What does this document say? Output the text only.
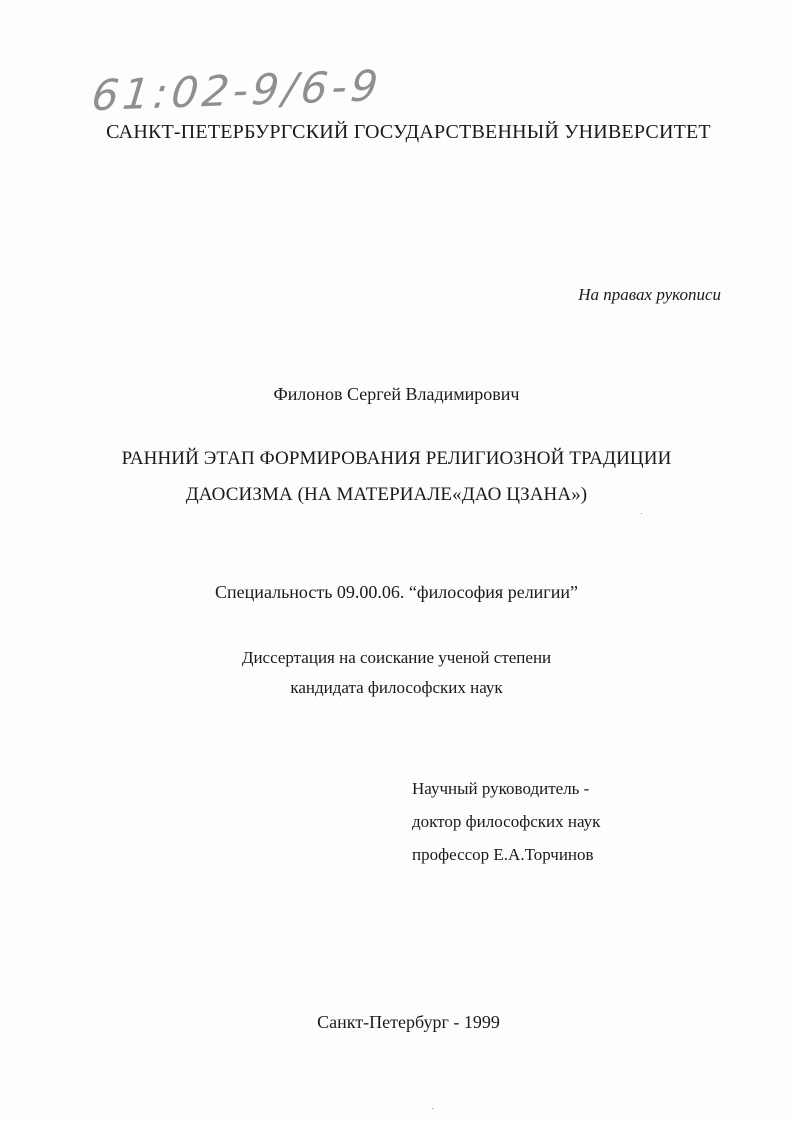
61:02-9/6-9
САНКТ-ПЕТЕРБУРГСКИЙ ГОСУДАРСТВЕННЫЙ УНИВЕРСИТЕТ
На правах рукописи
Филонов Сергей Владимирович
РАННИЙ ЭТАП ФОРМИРОВАНИЯ РЕЛИГИОЗНОЙ ТРАДИЦИИ
ДАОСИЗМА (НА МАТЕРИАЛЕ«ДАО ЦЗАНА»)
Специальность 09.00.06. “философия религии”
Диссертация на соискание ученой степени
кандидата философских наук
Научный руководитель -
доктор философских наук
профессор Е.А.Торчинов
Санкт-Петербург - 1999
